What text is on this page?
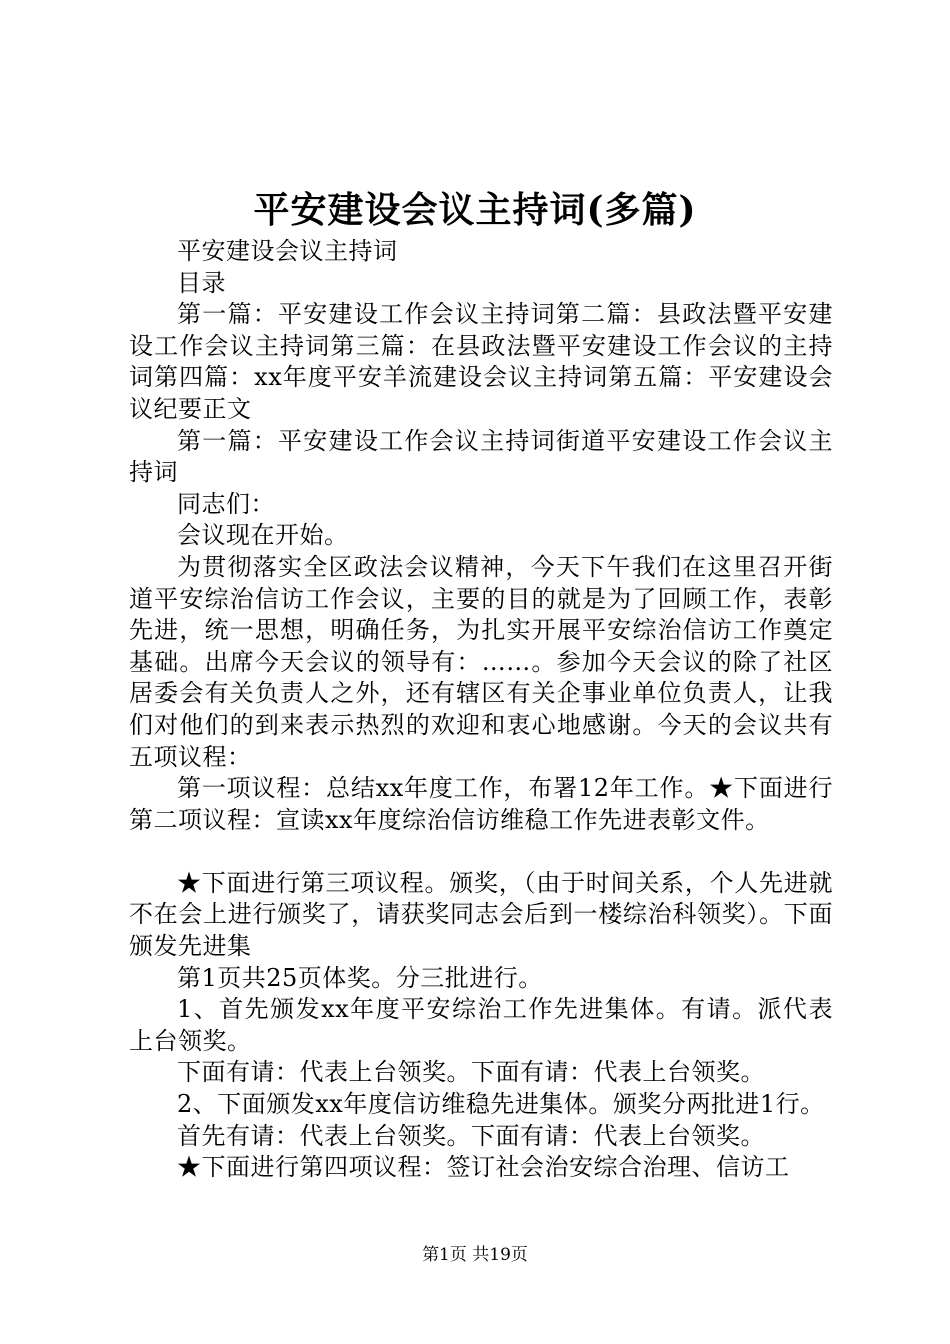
平安建设会议主持词(多篇)

平安建设会议主持词

目录

第一篇：平安建设工作会议主持词第二篇：县政法暨平安建设工作会议主持词第三篇：在县政法暨平安建设工作会议的主持词第四篇：xx年度平安羊流建设会议主持词第五篇：平安建设会议纪要正文

第一篇：平安建设工作会议主持词街道平安建设工作会议主持词

同志们：

会议现在开始。

为贯彻落实全区政法会议精神，今天下午我们在这里召开街道平安综治信访工作会议，主要的目的就是为了回顾工作，表彰先进，统一思想，明确任务，为扎实开展平安综治信访工作奠定基础。出席今天会议的领导有：……。参加今天会议的除了社区居委会有关负责人之外，还有辖区有关企事业单位负责人，让我们对他们的到来表示热烈的欢迎和衷心地感谢。今天的会议共有五项议程：

第一项议程：总结xx年度工作，布署12年工作。★下面进行第二项议程：宣读xx年度综治信访维稳工作先进表彰文件。

★下面进行第三项议程。颁奖，（由于时间关系，个人先进就不在会上进行颁奖了，请获奖同志会后到一楼综治科领奖）。下面颁发先进集

第1页共25页体奖。分三批进行。

1、首先颁发xx年度平安综治工作先进集体。有请。派代表上台领奖。

下面有请：代表上台领奖。下面有请：代表上台领奖。

2、下面颁发xx年度信访维稳先进集体。颁奖分两批进1行。

首先有请：代表上台领奖。下面有请：代表上台领奖。

★下面进行第四项议程：签订社会治安综合治理、信访工

第1页 共19页
